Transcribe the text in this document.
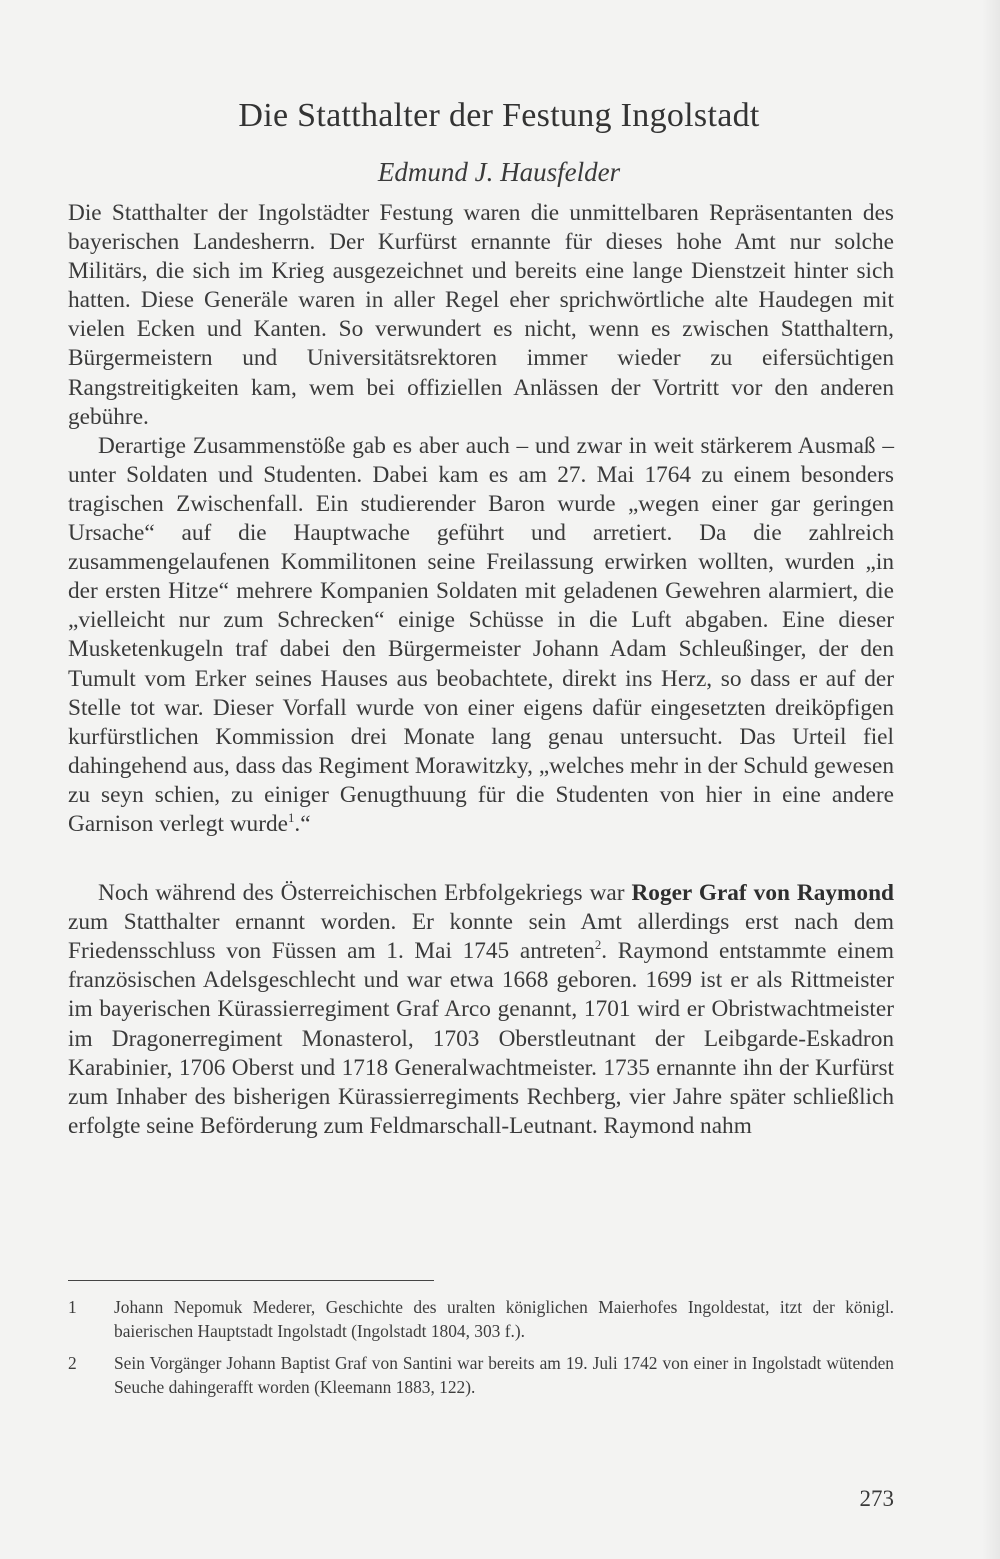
Die Statthalter der Festung Ingolstadt

Edmund J. Hausfelder

Die Statthalter der Ingolstädter Festung waren die unmittelbaren Repräsentanten des bayerischen Landesherrn. Der Kurfürst ernannte für dieses hohe Amt nur solche Militärs, die sich im Krieg ausgezeichnet und bereits eine lange Dienstzeit hinter sich hatten. Diese Generäle waren in aller Regel eher sprichwörtliche alte Haudegen mit vielen Ecken und Kanten. So verwundert es nicht, wenn es zwischen Statthaltern, Bürgermeistern und Universitätsrektoren immer wieder zu eifersüchtigen Rangstreitigkeiten kam, wem bei offiziellen Anlässen der Vortritt vor den anderen gebühre.

Derartige Zusammenstöße gab es aber auch – und zwar in weit stärkerem Ausmaß – unter Soldaten und Studenten. Dabei kam es am 27. Mai 1764 zu einem besonders tragischen Zwischenfall. Ein studierender Baron wurde „wegen einer gar geringen Ursache“ auf die Hauptwache geführt und arretiert. Da die zahlreich zusammengelaufenen Kommilitonen seine Freilassung erwirken wollten, wurden „in der ersten Hitze“ mehrere Kompanien Soldaten mit geladenen Gewehren alarmiert, die „vielleicht nur zum Schrecken“ einige Schüsse in die Luft abgaben. Eine dieser Musketenkugeln traf dabei den Bürgermeister Johann Adam Schleußinger, der den Tumult vom Erker seines Hauses aus beobachtete, direkt ins Herz, so dass er auf der Stelle tot war. Dieser Vorfall wurde von einer eigens dafür eingesetzten dreiköpfigen kurfürstlichen Kommission drei Monate lang genau untersucht. Das Urteil fiel dahingehend aus, dass das Regiment Morawitzky, „welches mehr in der Schuld gewesen zu seyn schien, zu einiger Genugthuung für die Studenten von hier in eine andere Garnison verlegt wurde$^1$.“

Noch während des Österreichischen Erbfolgekriegs war Roger Graf von Raymond zum Statthalter ernannt worden. Er konnte sein Amt allerdings erst nach dem Friedensschluss von Füssen am 1. Mai 1745 antreten$^2$. Raymond entstammte einem französischen Adelsgeschlecht und war etwa 1668 geboren. 1699 ist er als Rittmeister im bayerischen Kürassierregiment Graf Arco genannt, 1701 wird er Obristwachtmeister im Dragonerregiment Monasterol, 1703 Oberstleutnant der Leibgarde-Eskadron Karabinier, 1706 Oberst und 1718 Generalwachtmeister. 1735 ernannte ihn der Kurfürst zum Inhaber des bisherigen Kürassierregiments Rechberg, vier Jahre später schließlich erfolgte seine Beförderung zum Feldmarschall-Leutnant. Raymond nahm

1	Johann Nepomuk Mederer, Geschichte des uralten königlichen Maierhofes Ingoldestat, itzt der königl. baierischen Hauptstadt Ingolstadt (Ingolstadt 1804, 303 f.).
2	Sein Vorgänger Johann Baptist Graf von Santini war bereits am 19. Juli 1742 von einer in Ingolstadt wütenden Seuche dahingerafft worden (Kleemann 1883, 122).
273
